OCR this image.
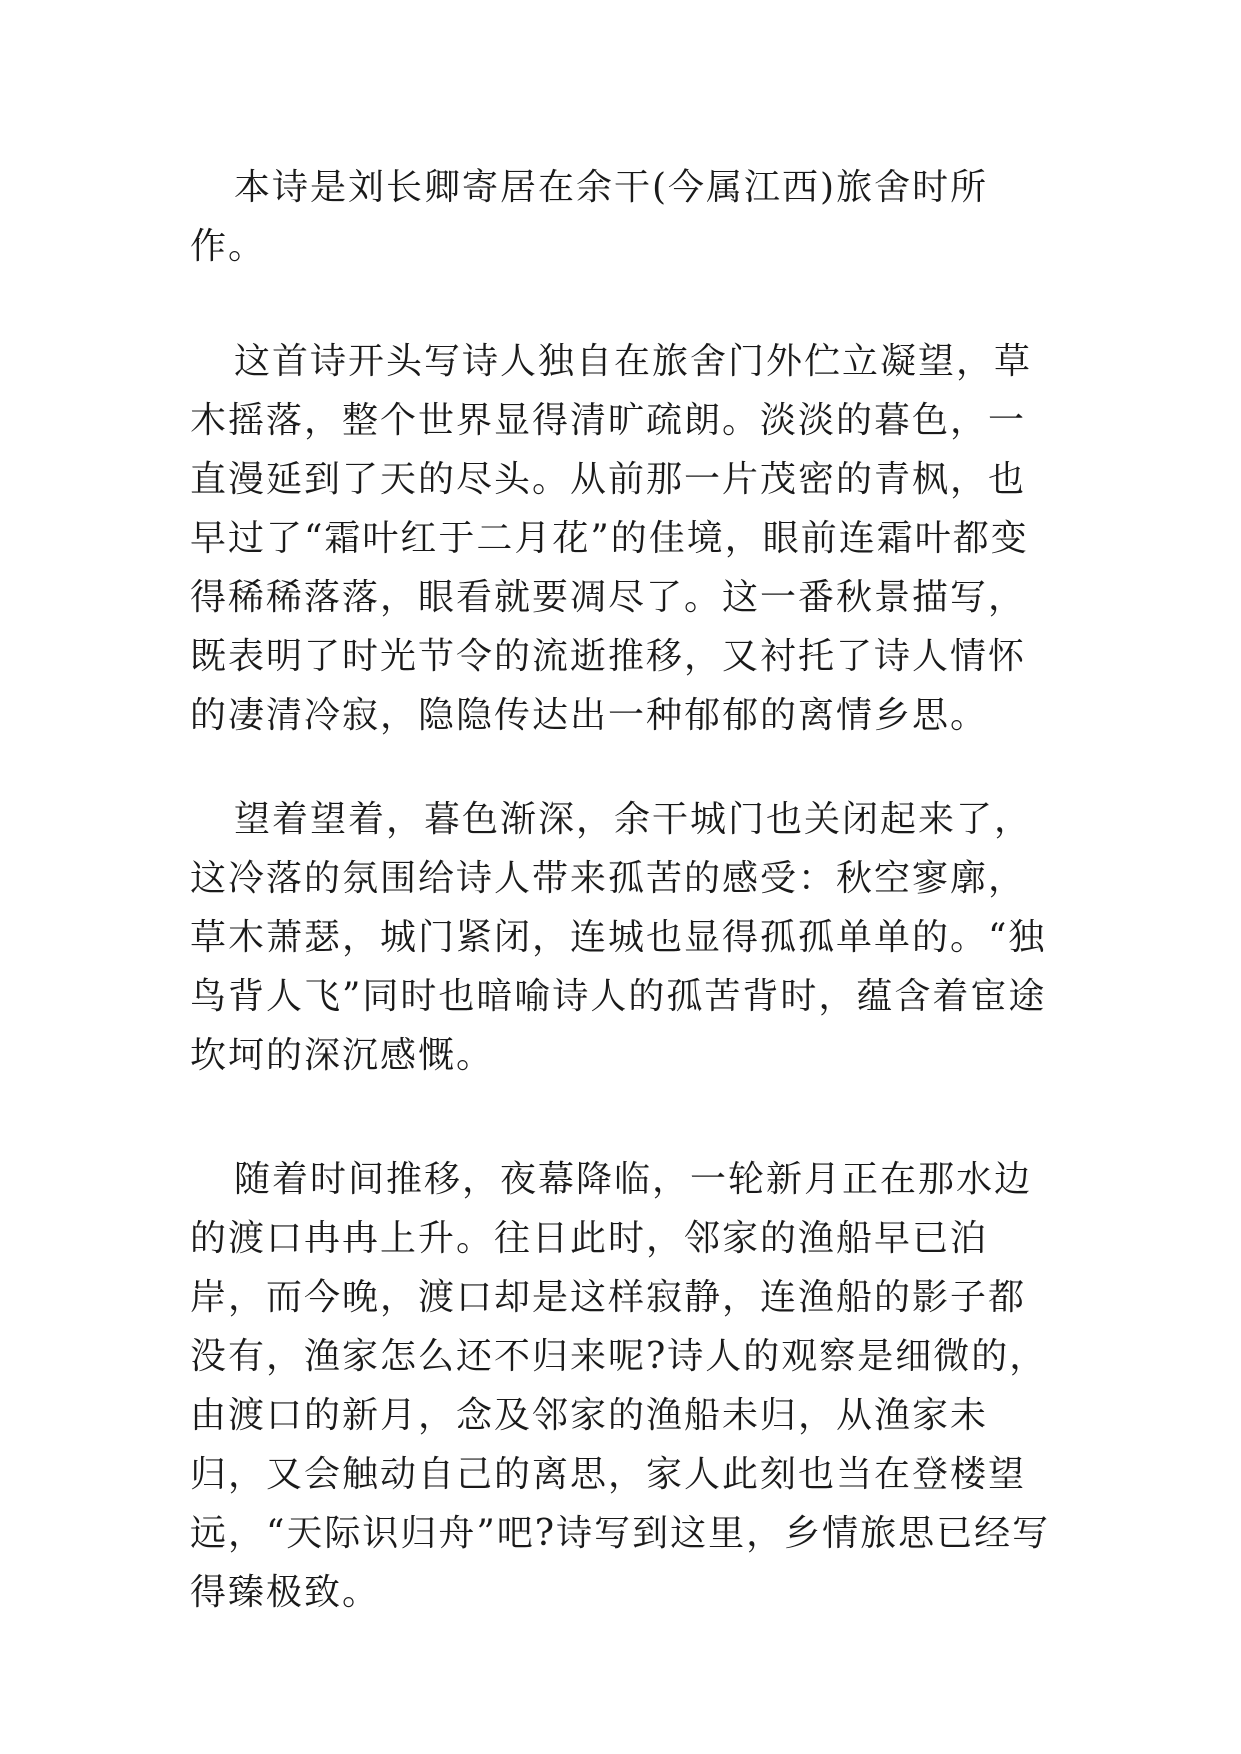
本诗是刘长卿寄居在余干(今属江西)旅舍时所作。

这首诗开头写诗人独自在旅舍门外伫立凝望，草木摇落，整个世界显得清旷疏朗。淡淡的暮色，一直漫延到了天的尽头。从前那一片茂密的青枫，也早过了“霜叶红于二月花”的佳境，眼前连霜叶都变得稀稀落落，眼看就要凋尽了。这一番秋景描写，既表明了时光节令的流逝推移，又衬托了诗人情怀的凄清冷寂，隐隐传达出一种郁郁的离情乡思。

望着望着，暮色渐深，余干城门也关闭起来了，这冷落的氛围给诗人带来孤苦的感受：秋空寥廓，草木萧瑟，城门紧闭，连城也显得孤孤单单的。“独鸟背人飞”同时也暗喻诗人的孤苦背时，蕴含着宦途坎坷的深沉感慨。

随着时间推移，夜幕降临，一轮新月正在那水边的渡口冉冉上升。往日此时，邻家的渔船早已泊岸，而今晚，渡口却是这样寂静，连渔船的影子都没有，渔家怎么还不归来呢?诗人的观察是细微的，由渡口的新月，念及邻家的渔船未归，从渔家未归，又会触动自己的离思，家人此刻也当在登楼望远，“天际识归舟”吧?诗写到这里，乡情旅思已经写得臻极致。
